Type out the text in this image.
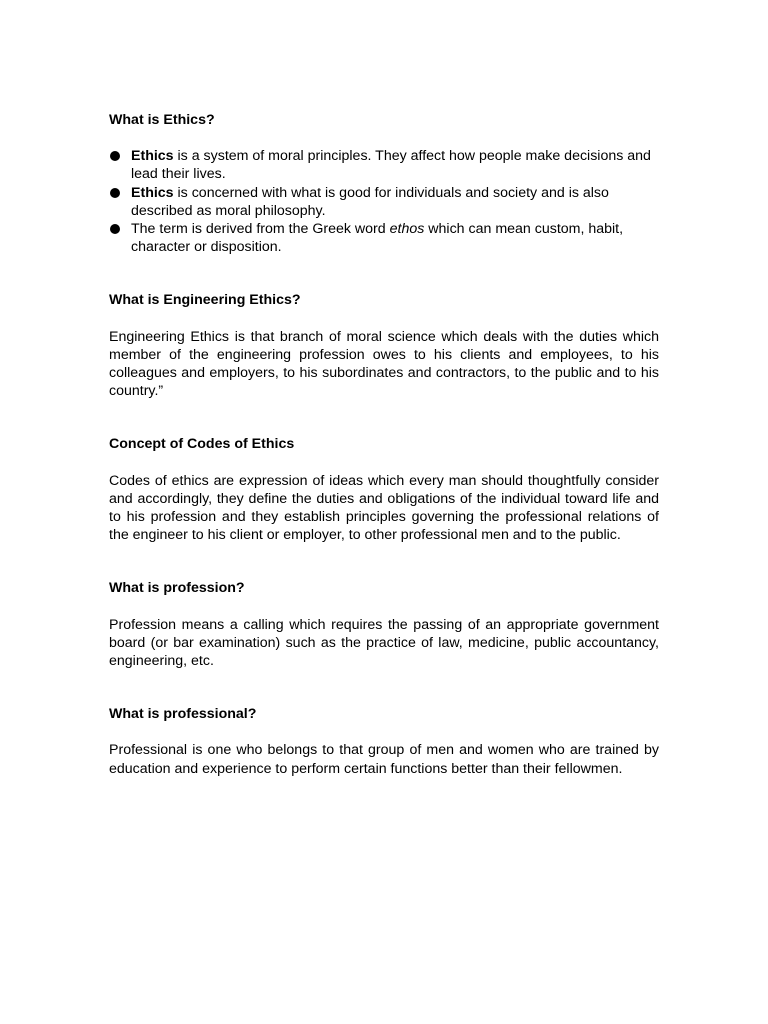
What is Ethics?
Ethics is a system of moral principles. They affect how people make decisions and lead their lives.
Ethics is concerned with what is good for individuals and society and is also described as moral philosophy.
The term is derived from the Greek word ethos which can mean custom, habit, character or disposition.
What is Engineering Ethics?

Engineering Ethics is that branch of moral science which deals with the duties which member of the engineering profession owes to his clients and employees, to his colleagues and employers, to his subordinates and contractors, to the public and to his country.”

Concept of Codes of Ethics

Codes of ethics are expression of ideas which every man should thoughtfully consider and accordingly, they define the duties and obligations of the individual toward life and to his profession and they establish principles governing the professional relations of the engineer to his client or employer, to other professional men and to the public.

What is profession?

Profession means a calling which requires the passing of an appropriate government board (or bar examination) such as the practice of law, medicine, public accountancy, engineering, etc.

What is professional?

Professional is one who belongs to that group of men and women who are trained by education and experience to perform certain functions better than their fellowmen.
